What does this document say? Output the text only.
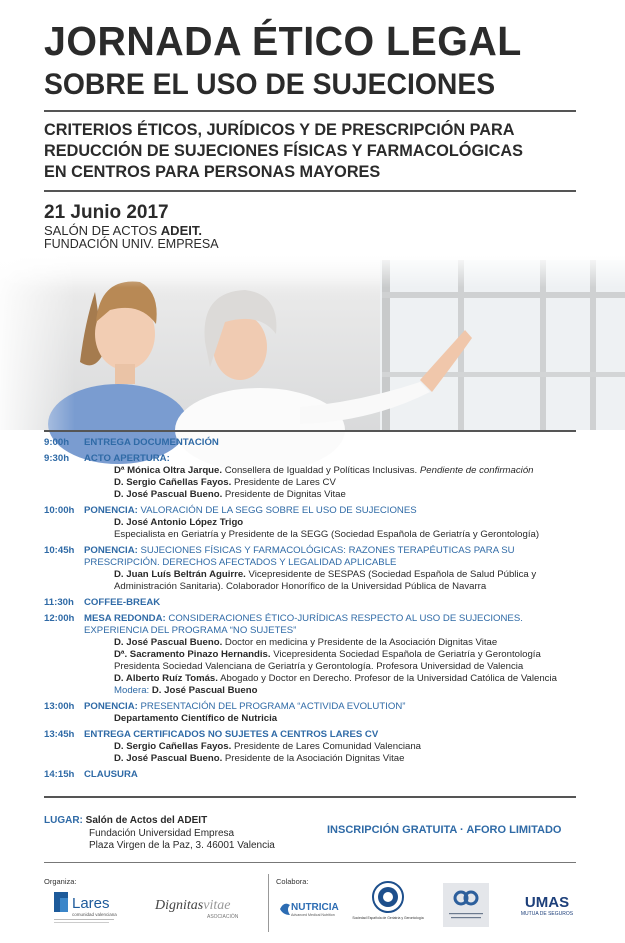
JORNADA ÉTICO LEGAL
SOBRE EL USO DE SUJECIONES
CRITERIOS ÉTICOS, JURÍDICOS Y DE PRESCRIPCIÓN PARA
REDUCCIÓN DE SUJECIONES FÍSICAS Y FARMACOLÓGICAS
EN CENTROS PARA PERSONAS MAYORES
21 Junio 2017
SALÓN DE ACTOS ADEIT.
FUNDACIÓN UNIV. EMPRESA
9:00h	ENTREGA DOCUMENTACIÓN
9:30h	ACTO APERTURA:
Dª Mónica Oltra Jarque. Consellera de Igualdad y Políticas Inclusivas. Pendiente de confirmación
D. Sergio Cañellas Fayos. Presidente de Lares CV
D. José Pascual Bueno. Presidente de Dignitas Vitae
10:00h PONENCIA: VALORACIÓN DE LA SEGG SOBRE EL USO DE SUJECIONES
D. José Antonio López Trigo
Especialista en Geriatría y Presidente de la SEGG (Sociedad Española de Geriatría y Gerontología)
10:45h PONENCIA: SUJECIONES FÍSICAS Y FARMACOLÓGICAS: RAZONES TERAPÉUTICAS PARA SU
PRESCRIPCIÓN. DERECHOS AFECTADOS Y LEGALIDAD APLICABLE
D. Juan Luís Beltrán Aguirre. Vicepresidente de SESPAS (Sociedad Española de Salud Pública y
Administración Sanitaria). Colaborador Honorífico de la Universidad Pública de Navarra
11:30h	COFFEE-BREAK
12:00h MESA REDONDA: CONSIDERACIONES ÉTICO-JURÍDICAS RESPECTO AL USO DE SUJECIONES.
EXPERIENCIA DEL PROGRAMA “NO SUJETES”
D. José Pascual Bueno. Doctor en medicina y Presidente de la Asociación Dignitas Vitae
Dª. Sacramento Pinazo Hernandis. Vicepresidenta Sociedad Española de Geriatría y Gerontología
Presidenta Sociedad Valenciana de Geriatría y Gerontología. Profesora Universidad de Valencia
D. Alberto Ruíz Tomás. Abogado y Doctor en Derecho. Profesor de la Universidad Católica de Valencia
Modera: D. José Pascual Bueno
13:00h PONENCIA: PRESENTACIÓN DEL PROGRAMA “ACTIVIDA EVOLUTION”
Departamento Científico de Nutricia
13:45h ENTREGA CERTIFICADOS NO SUJETES A CENTROS LARES CV
D. Sergio Cañellas Fayos. Presidente de Lares Comunidad Valenciana
D. José Pascual Bueno. Presidente de la Asociación Dignitas Vitae
14:15h CLAUSURA
LUGAR: Salón de Actos del ADEIT
Fundación Universidad Empresa
Plaza Virgen de la Paz, 3. 46001 Valencia
INSCRIPCIÓN GRATUITA · AFORO LIMITADO
Organiza:	Colabora:
Lares
comunidad valenciana
Dignitasvitae
ASOCIACIÓN
NUTRICIA
Advanced Medical Nutrition
Sociedad Española de Geriatría y Gerontología
UMAS
MUTUA DE SEGUROS
